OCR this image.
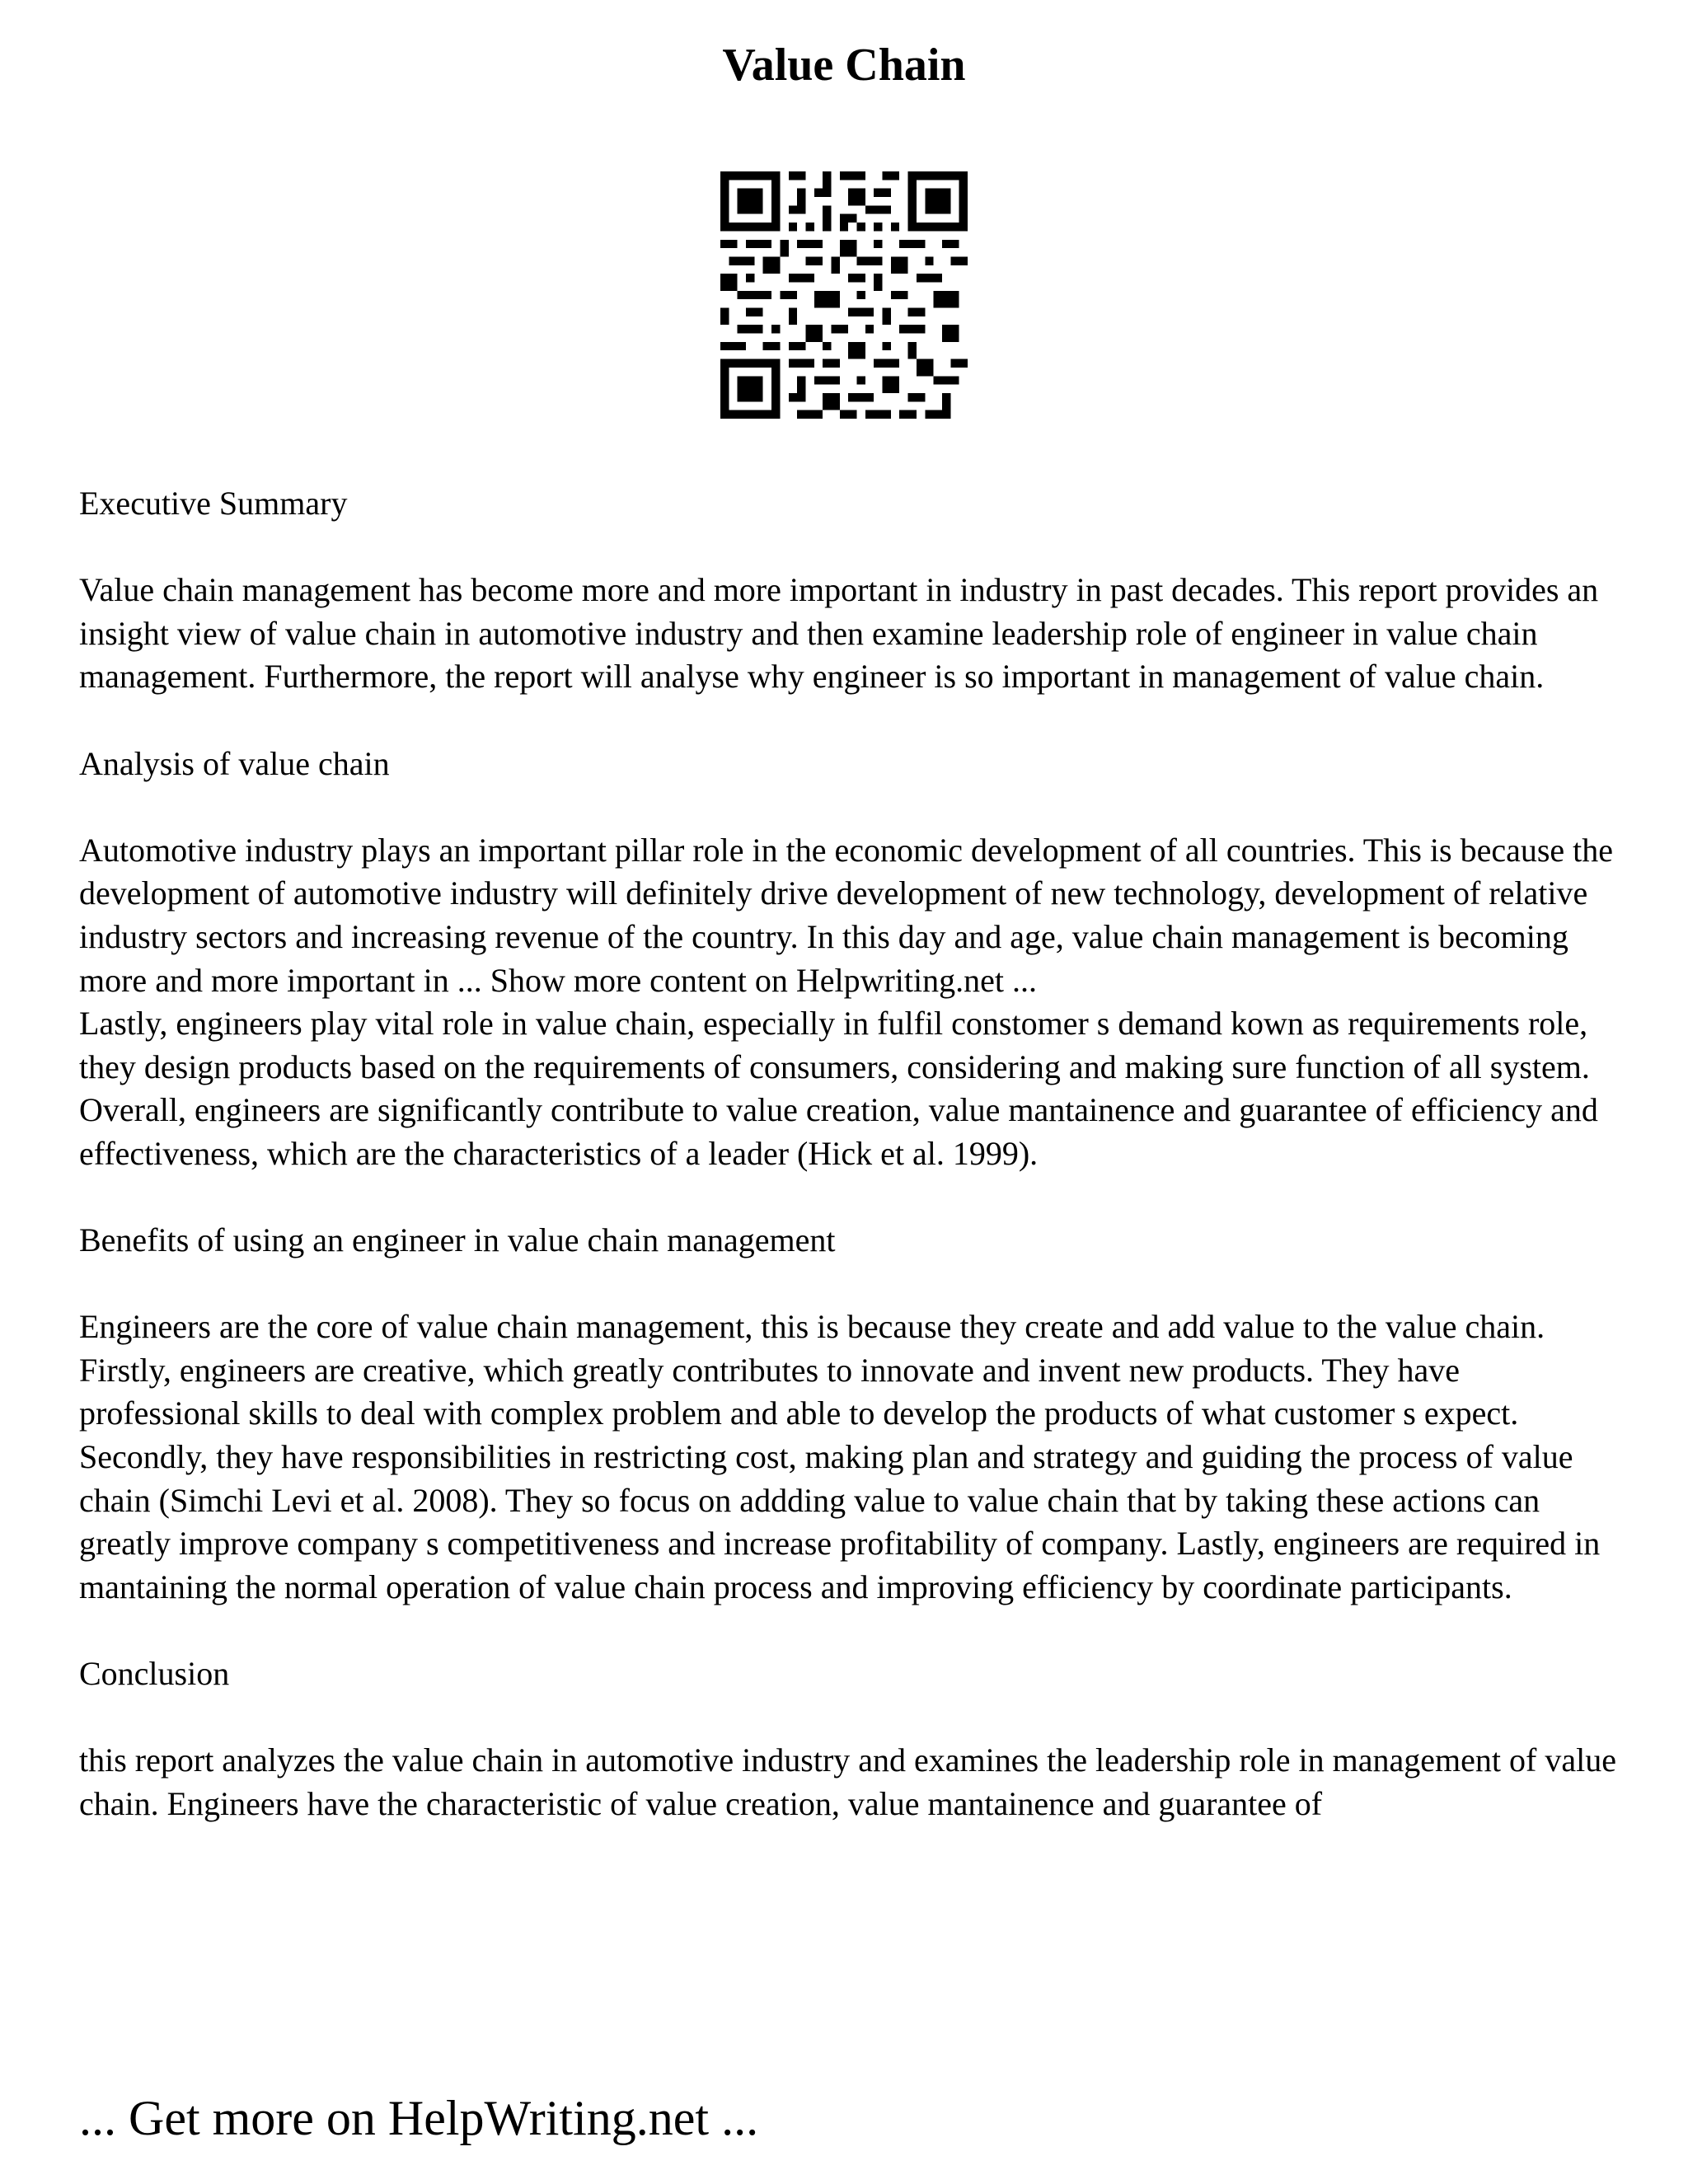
Value Chain

Executive Summary

Value chain management has become more and more important in industry in past decades. This report provides an insight view of value chain in automotive industry and then examine leadership role of engineer in value chain management. Furthermore, the report will analyse why engineer is so important in management of value chain.

Analysis of value chain

Automotive industry plays an important pillar role in the economic development of all countries. This is because the development of automotive industry will definitely drive development of new technology, development of relative industry sectors and increasing revenue of the country. In this day and age, value chain management is becoming more and more important in ... Show more content on Helpwriting.net ...

Lastly, engineers play vital role in value chain, especially in fulfil constomer s demand kown as requirements role, they design products based on the requirements of consumers, considering and making sure function of all system. Overall, engineers are significantly contribute to value creation, value mantainence and guarantee of efficiency and effectiveness, which are the characteristics of a leader (Hick et al. 1999).

Benefits of using an engineer in value chain management

Engineers are the core of value chain management, this is because they create and add value to the value chain. Firstly, engineers are creative, which greatly contributes to innovate and invent new products. They have professional skills to deal with complex problem and able to develop the products of what customer s expect. Secondly, they have responsibilities in restricting cost, making plan and strategy and guiding the process of value chain (Simchi Levi et al. 2008). They so focus on addding value to value chain that by taking these actions can greatly improve company s competitiveness and increase profitability of company. Lastly, engineers are required in mantaining the normal operation of value chain process and improving efficiency by coordinate participants.

Conclusion

this report analyzes the value chain in automotive industry and examines the leadership role in management of value chain. Engineers have the characteristic of value creation, value mantainence and guarantee of

... Get more on HelpWriting.net ...
